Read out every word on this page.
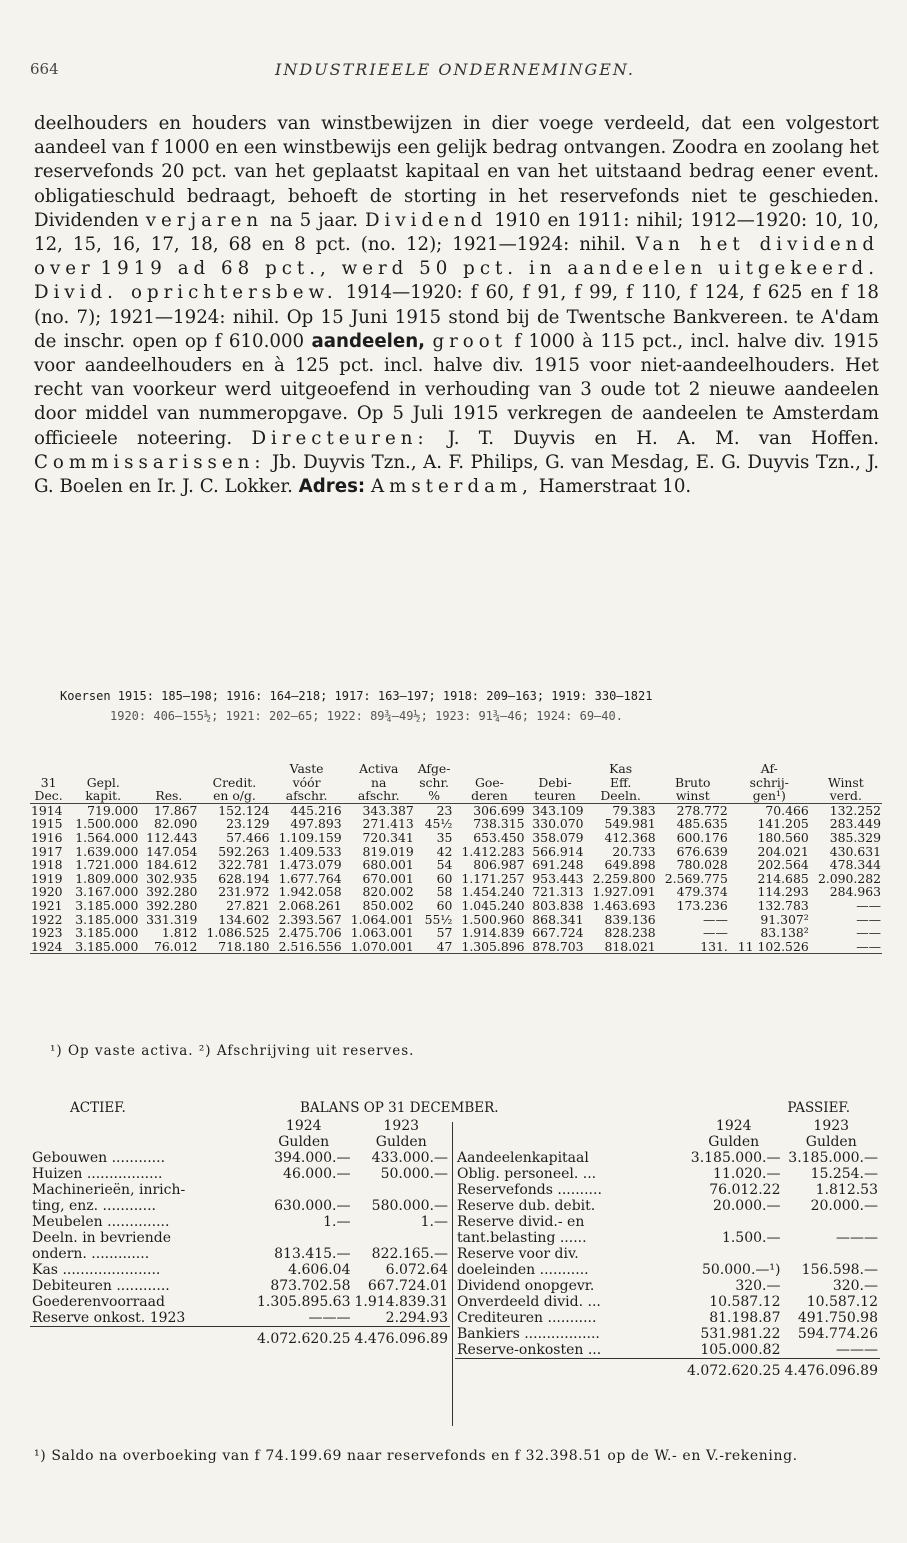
664	INDUSTRIEELE ONDERNEMINGEN.

deelhouders en houders van winstbewijzen in dier voege verdeeld, dat een volgestort aandeel van f 1000 en een winstbewijs een gelijk bedrag ontvangen. Zoodra en zoolang het reservefonds 20 pct. van het geplaatst kapitaal en van het uitstaand bedrag eener event. obligatieschuld bedraagt, behoeft de storting in het reservefonds niet te geschieden. Dividenden verjaren na 5 jaar. Dividend 1910 en 1911: nihil; 1912—1920: 10, 10, 12, 15, 16, 17, 18, 68 en 8 pct. (no. 12); 1921—1924: nihil. Van het dividend over 1919 ad 68 pct., werd 50 pct. in aandeelen uitgekeerd. Divid. oprichtersbew. 1914—1920: f 60, f 91, f 99, f 110, f 124, f 625 en f 18 (no. 7); 1921—1924: nihil. Op 15 Juni 1915 stond bij de Twentsche Bankvereen. te A'dam de inschr. open op f 610.000 aandeelen, groot f 1000 à 115 pct., incl. halve div. 1915 voor aandeelhouders en à 125 pct. incl. halve div. 1915 voor niet-aandeelhouders. Het recht van voorkeur werd uitgeoefend in verhouding van 3 oude tot 2 nieuwe aandeelen door middel van nummeropgave. Op 5 Juli 1915 verkregen de aandeelen te Amsterdam officieele noteering. Directeuren: J. T. Duyvis en H. A. M. van Hoffen. Commissarissen: Jb. Duyvis Tzn., A. F. Philips, G. van Mesdag, E. G. Duyvis Tzn., J. G. Boelen en Ir. J. C. Lokker. Adres: Amsterdam, Hamerstraat 10.

Koersen 1915: 185—198; 1916: 164—218; 1917: 163—197; 1918: 209—163; 1919: 330—1821
1920: 406—155½; 1921: 202—65; 1922: 89¾—49½; 1923: 91¾—46; 1924: 69—40.
				Vaste	Activa	Afge-			Kas		Af-	
31	Gepl.		Credit.	vóór	na	schr.	Goe-	Debi-	Eff.	Bruto	schrij-	Winst
Dec.	kapit.	Res.	en o/g.	afschr.	afschr.	%	deren	teuren	Deeln.	winst	gen¹)	verd.
1914	719.000	17.867	152.124	445.216	343.387	23	306.699	343.109	79.383	278.772	70.466	132.252
1915	1.500.000	82.090	23.129	497.893	271.413	45½	738.315	330.070	549.981	485.635	141.205	283.449
1916	1.564.000	112.443	57.466	1.109.159	720.341	35	653.450	358.079	412.368	600.176	180.560	385.329
1917	1.639.000	147.054	592.263	1.409.533	819.019	42	1.412.283	566.914	20.733	676.639	204.021	430.631
1918	1.721.000	184.612	322.781	1.473.079	680.001	54	806.987	691.248	649.898	780.028	202.564	478.344
1919	1.809.000	302.935	628.194	1.677.764	670.001	60	1.171.257	953.443	2.259.800	2.569.775	214.685	2.090.282
1920	3.167.000	392.280	231.972	1.942.058	820.002	58	1.454.240	721.313	1.927.091	479.374	114.293	284.963
1921	3.185.000	392.280	27.821	2.068.261	850.002	60	1.045.240	803.838	1.463.693	173.236	132.783	——
1922	3.185.000	331.319	134.602	2.393.567	1.064.001	55½	1.500.960	868.341	839.136	——	91.307²	——
1923	3.185.000	1.812	1.086.525	2.475.706	1.063.001	57	1.914.839	667.724	828.238	——	83.138²	——
1924	3.185.000	76.012	718.180	2.516.556	1.070.001	47	1.305.896	878.703	818.021	131.	11 102.526	——
¹) Op vaste activa. ²) Afschrijving uit reserves.
ACTIEF.	BALANS OP 31 DECEMBER.	PASSIEF.
	1924	1923
	Gulden	Gulden
Gebouwen ............	394.000.—	433.000.—
Huizen .................	46.000.—	50.000.—
Machinerieën, inrich-		
ting, enz. ............	630.000.—	580.000.—
Meubelen ..............	1.—	1.—
Deeln. in bevriende		
ondern. .............	813.415.—	822.165.—
Kas ......................	4.606.04	6.072.64
Debiteuren ............	873.702.58	667.724.01
Goederenvoorraad	1.305.895.63	1.914.839.31
Reserve onkost. 1923	———	2.294.93
	4.072.620.25	4.476.096.89
	1924	1923
	Gulden	Gulden
Aandeelenkapitaal	3.185.000.—	3.185.000.—
Oblig. personeel. ...	11.020.—	15.254.—
Reservefonds ..........	76.012.22	1.812.53
Reserve dub. debit.	20.000.—	20.000.—
Reserve divid.- en		
tant.belasting ......	1.500.—	———
Reserve voor div.		
doeleinden ...........	50.000.—¹)	156.598.—
Dividend onopgevr.	320.—	320.—
Onverdeeld divid. ...	10.587.12	10.587.12
Crediteuren ...........	81.198.87	491.750.98
Bankiers .................	531.981.22	594.774.26
Reserve-onkosten ...	105.000.82	———
	4.072.620.25	4.476.096.89
¹) Saldo na overboeking van f 74.199.69 naar reservefonds en f 32.398.51 op de W.- en V.-rekening.
